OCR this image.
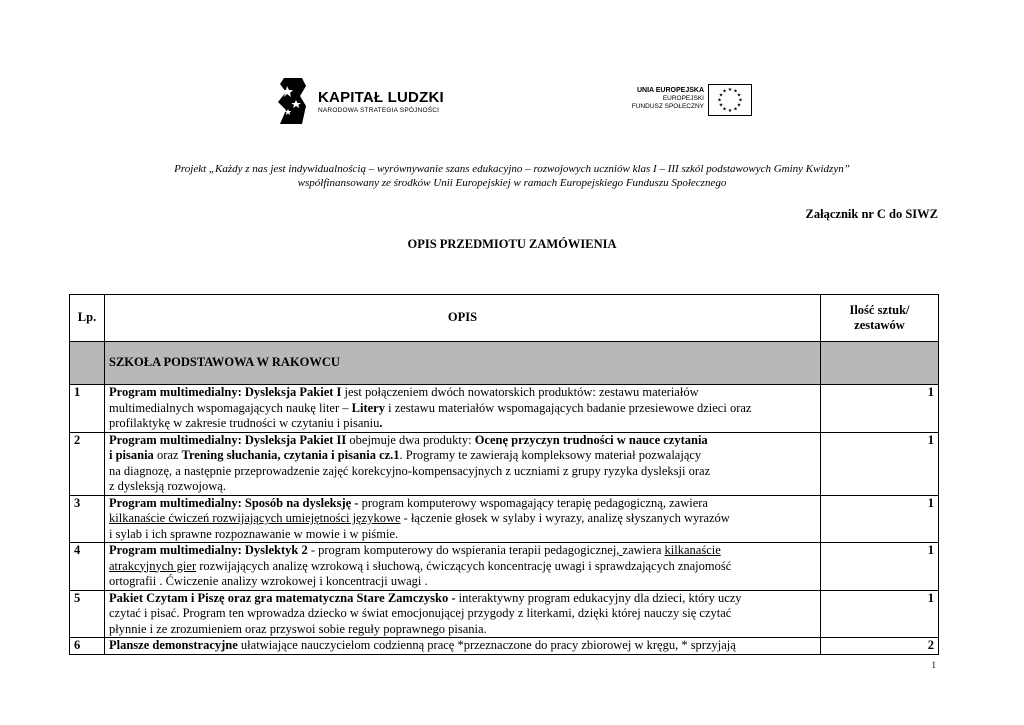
KAPITAŁ LUDZKI
NARODOWA STRATEGIA SPÓJNOŚCI
UNIA EUROPEJSKA
EUROPEJSKI
FUNDUSZ SPOŁECZNY
★ ★
★
★
★
★
★
★
★
★
★
★
Projekt „Każdy z nas jest indywidualnością – wyrównywanie szans edukacyjno – rozwojowych uczniów klas I – III szkól podstawowych Gminy Kwidzyn”
współfinansowany ze środków Unii Europejskiej w ramach Europejskiego Funduszu Społecznego
Załącznik nr C do SIWZ
OPIS PRZEDMIOTU ZAMÓWIENIA
Lp.	OPIS	Ilość sztuk/
zestawów

	SZKOŁA PODSTAWOWA W RAKOWCU	
1	Program multimedialny: Dysleksja Pakiet I jest połączeniem dwóch nowatorskich produktów: zestawu materiałów
multimedialnych wspomagających naukę liter – Litery i zestawu materiałów wspomagających badanie przesiewowe dzieci oraz
profilaktykę w zakresie trudności w czytaniu i pisaniu.	1
2	Program multimedialny: Dysleksja Pakiet II obejmuje dwa produkty: Ocenę przyczyn trudności w nauce czytania
i pisania oraz Trening słuchania, czytania i pisania cz.1. Programy te zawierają kompleksowy materiał pozwalający
na diagnozę, a następnie przeprowadzenie zajęć korekcyjno-kompensacyjnych z uczniami z grupy ryzyka dysleksji oraz
z dysleksją rozwojową.	1
3	Program multimedialny: Sposób na dysleksję - program komputerowy wspomagający terapię pedagogiczną, zawiera
kilkanaście ćwiczeń rozwijających umiejętności językowe - łączenie głosek w sylaby i wyrazy, analizę słyszanych wyrazów
i sylab i ich sprawne rozpoznawanie w mowie i w piśmie.	1
4	Program multimedialny: Dyslektyk 2 - program komputerowy do wspierania terapii pedagogicznej, zawiera kilkanaście
atrakcyjnych gier rozwijających analizę wzrokową i słuchową, ćwiczących koncentrację uwagi i sprawdzających znajomość
ortografii . Ćwiczenie analizy wzrokowej i koncentracji uwagi .	1
5	Pakiet Czytam i Piszę oraz gra matematyczna Stare Zamczysko - interaktywny program edukacyjny dla dzieci, który uczy
czytać i pisać. Program ten wprowadza dziecko w świat emocjonującej przygody z literkami, dzięki której nauczy się czytać
płynnie i ze zrozumieniem oraz przyswoi sobie reguły poprawnego pisania.	1
6	Plansze demonstracyjne ułatwiające nauczycielom codzienną pracę *przeznaczone do pracy zbiorowej w kręgu, * sprzyjają	2
1
